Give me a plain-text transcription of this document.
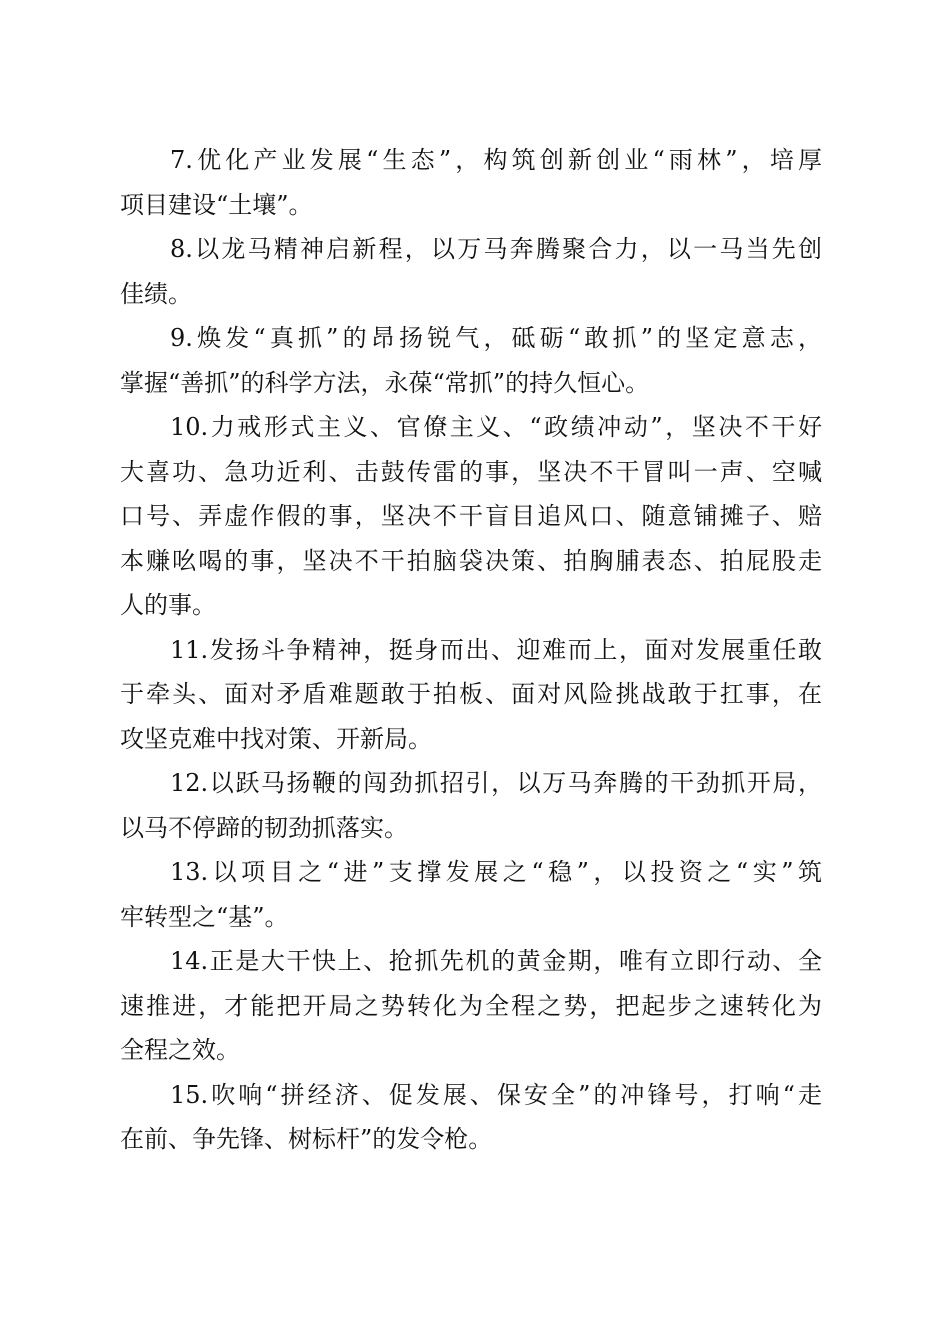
7.优化产业发展“生态”，构筑创新创业“雨林”，培厚
项目建设“土壤”。
8.以龙马精神启新程，以万马奔腾聚合力，以一马当先创
佳绩。
9.焕发“真抓”的昂扬锐气，砥砺“敢抓”的坚定意志，
掌握“善抓”的科学方法，永葆“常抓”的持久恒心。
10.力戒形式主义、官僚主义、“政绩冲动”，坚决不干好
大喜功、急功近利、击鼓传雷的事，坚决不干冒叫一声、空喊
口号、弄虚作假的事，坚决不干盲目追风口、随意铺摊子、赔
本赚吆喝的事，坚决不干拍脑袋决策、拍胸脯表态、拍屁股走
人的事。
11.发扬斗争精神，挺身而出、迎难而上，面对发展重任敢
于牵头、面对矛盾难题敢于拍板、面对风险挑战敢于扛事，在
攻坚克难中找对策、开新局。
12.以跃马扬鞭的闯劲抓招引，以万马奔腾的干劲抓开局，
以马不停蹄的韧劲抓落实。
13.以项目之“进”支撑发展之“稳”，以投资之“实”筑
牢转型之“基”。
14.正是大干快上、抢抓先机的黄金期，唯有立即行动、全
速推进，才能把开局之势转化为全程之势，把起步之速转化为
全程之效。
15.吹响“拼经济、促发展、保安全”的冲锋号，打响“走
在前、争先锋、树标杆”的发令枪。
